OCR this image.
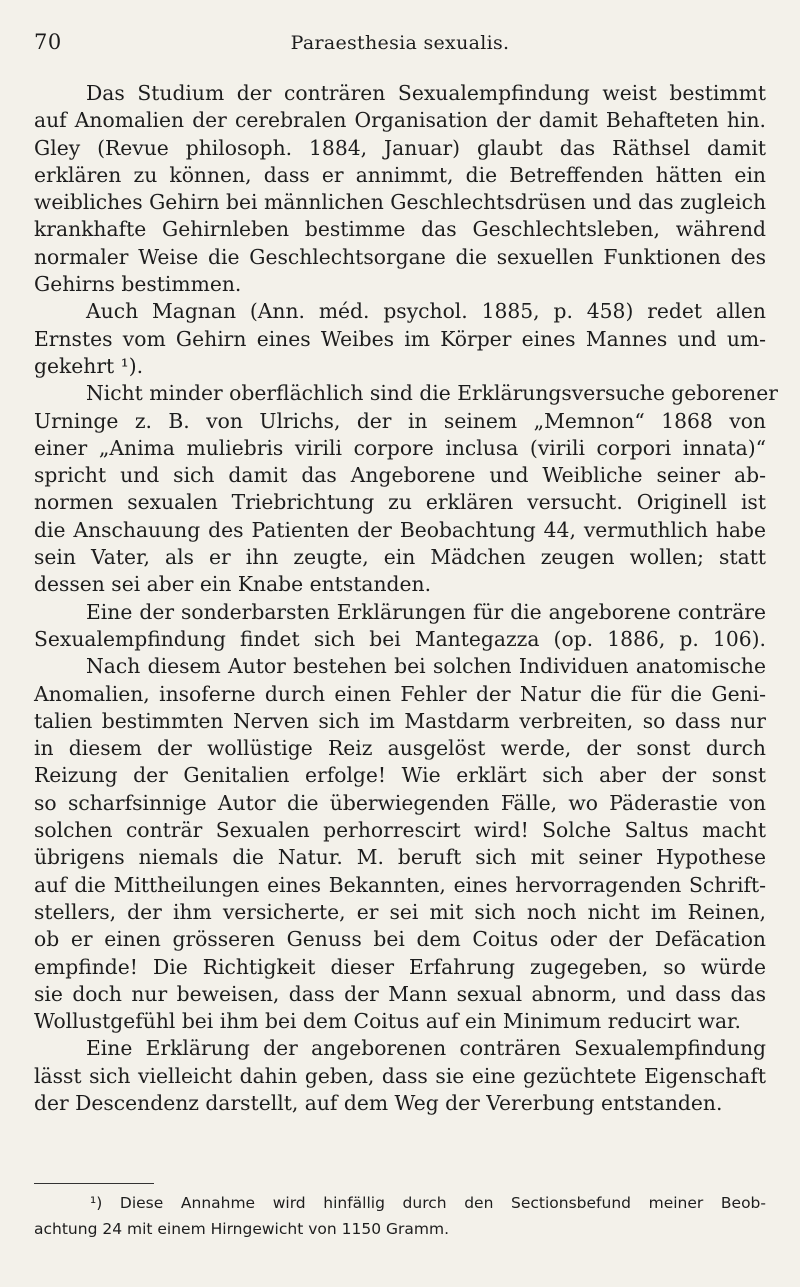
70	Paraesthesia sexualis.
Das Studium der conträren Sexualempfindung weist bestimmt
auf Anomalien der cerebralen Organisation der damit Behafteten hin.
Gley (Revue philosoph. 1884, Januar) glaubt das Räthsel damit
erklären zu können, dass er annimmt, die Betreffenden hätten ein
weibliches Gehirn bei männlichen Geschlechtsdrüsen und das zugleich
krankhafte Gehirnleben bestimme das Geschlechtsleben, während
normaler Weise die Geschlechtsorgane die sexuellen Funktionen des
Gehirns bestimmen.
Auch Magnan (Ann. méd. psychol. 1885, p. 458) redet allen
Ernstes vom Gehirn eines Weibes im Körper eines Mannes und um-
gekehrt ¹).
Nicht minder oberflächlich sind die Erklärungsversuche geborener
Urninge z. B. von Ulrichs, der in seinem „Memnon“ 1868 von
einer „Anima muliebris virili corpore inclusa (virili corpori innata)“
spricht und sich damit das Angeborene und Weibliche seiner ab-
normen sexualen Triebrichtung zu erklären versucht. Originell ist
die Anschauung des Patienten der Beobachtung 44, vermuthlich habe
sein Vater, als er ihn zeugte, ein Mädchen zeugen wollen; statt
dessen sei aber ein Knabe entstanden.
Eine der sonderbarsten Erklärungen für die angeborene conträre
Sexualempfindung findet sich bei Mantegazza (op. 1886, p. 106).
Nach diesem Autor bestehen bei solchen Individuen anatomische
Anomalien, insoferne durch einen Fehler der Natur die für die Geni-
talien bestimmten Nerven sich im Mastdarm verbreiten, so dass nur
in diesem der wollüstige Reiz ausgelöst werde, der sonst durch
Reizung der Genitalien erfolge! Wie erklärt sich aber der sonst
so scharfsinnige Autor die überwiegenden Fälle, wo Päderastie von
solchen conträr Sexualen perhorrescirt wird! Solche Saltus macht
übrigens niemals die Natur. M. beruft sich mit seiner Hypothese
auf die Mittheilungen eines Bekannten, eines hervorragenden Schrift-
stellers, der ihm versicherte, er sei mit sich noch nicht im Reinen,
ob er einen grösseren Genuss bei dem Coitus oder der Defäcation
empfinde! Die Richtigkeit dieser Erfahrung zugegeben, so würde
sie doch nur beweisen, dass der Mann sexual abnorm, und dass das
Wollustgefühl bei ihm bei dem Coitus auf ein Minimum reducirt war.
Eine Erklärung der angeborenen conträren Sexualempfindung
lässt sich vielleicht dahin geben, dass sie eine gezüchtete Eigenschaft
der Descendenz darstellt, auf dem Weg der Vererbung entstanden.
¹) Diese Annahme wird hinfällig durch den Sectionsbefund meiner Beob-
achtung 24 mit einem Hirngewicht von 1150 Gramm.
